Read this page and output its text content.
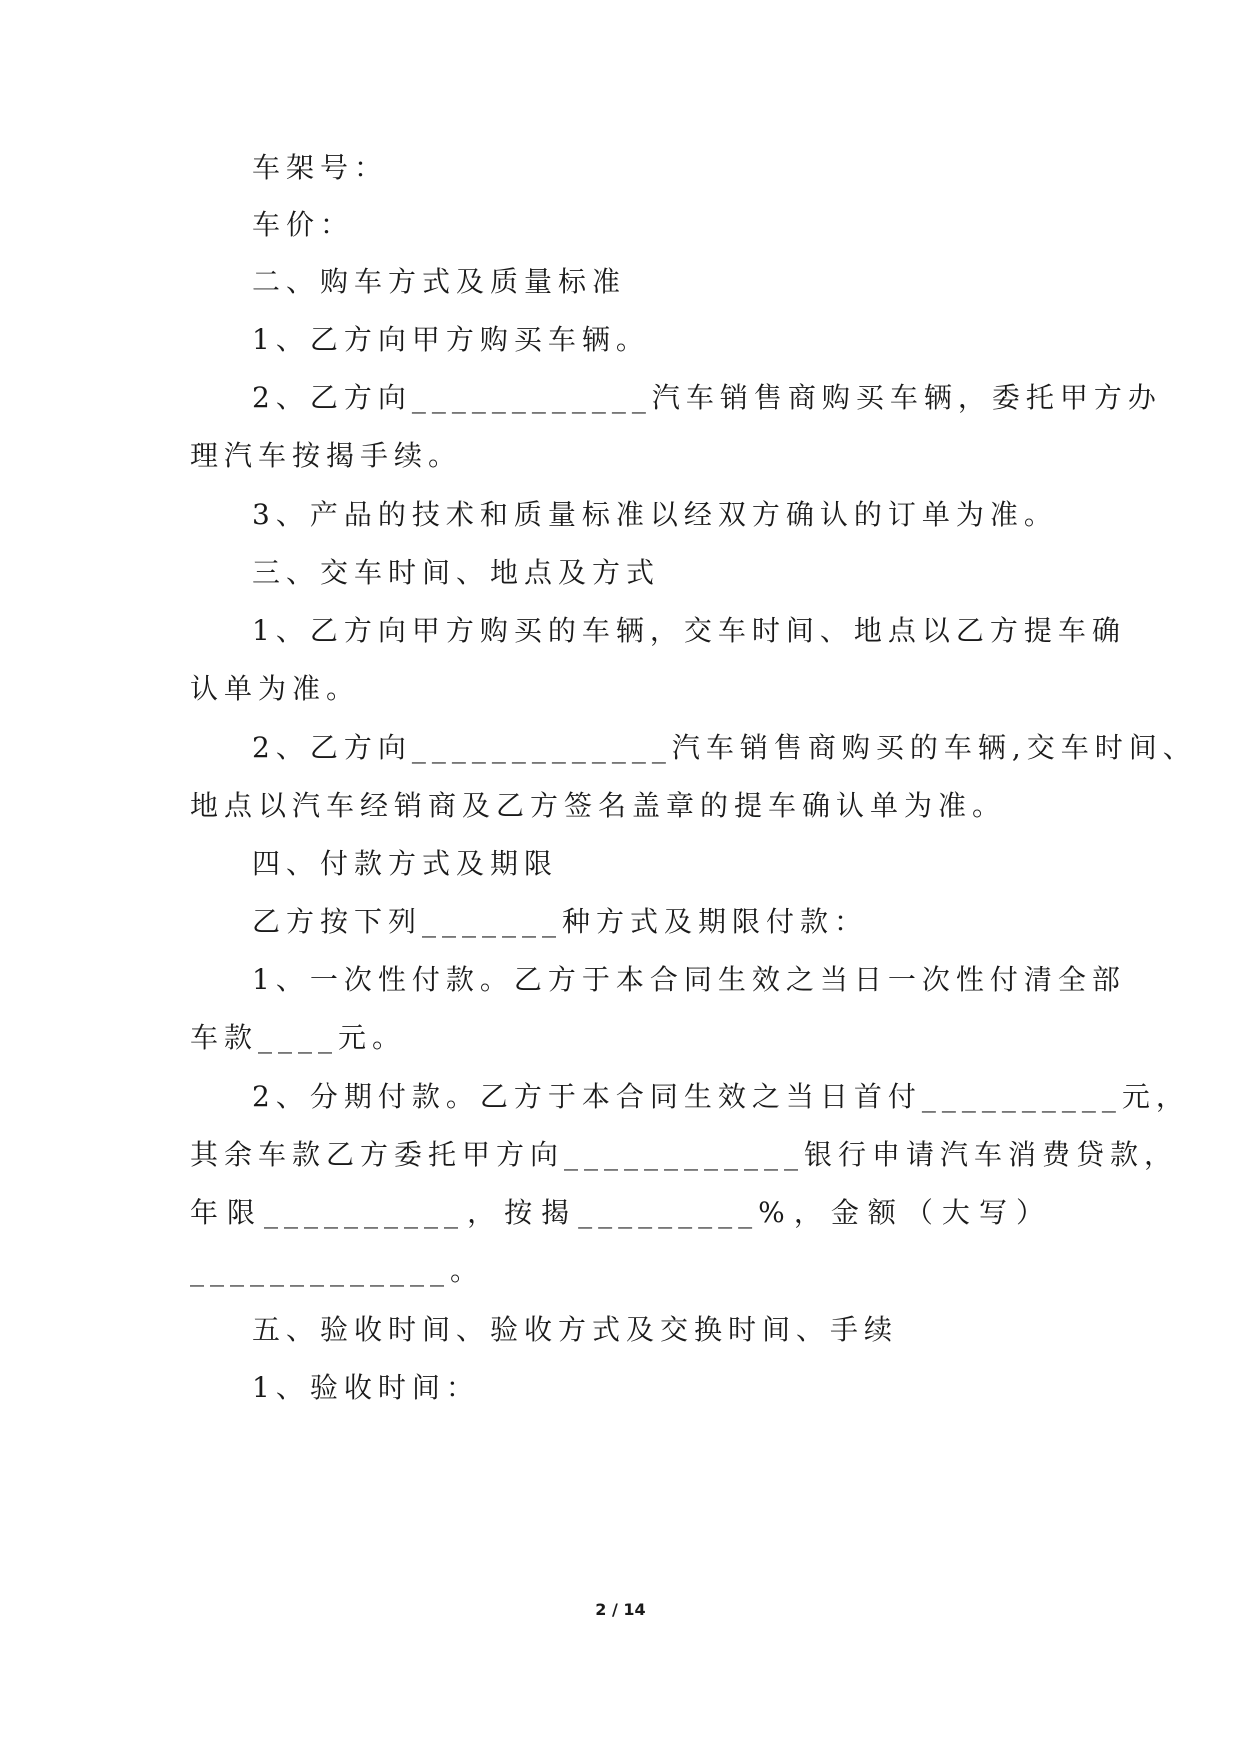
车架号：
车价：
二、购车方式及质量标准
1、乙方向甲方购买车辆。
2、乙方向____________汽车销售商购买车辆，委托甲方办
理汽车按揭手续。
3、产品的技术和质量标准以经双方确认的订单为准。
三、交车时间、地点及方式
1、乙方向甲方购买的车辆，交车时间、地点以乙方提车确
认单为准。
2、乙方向_____________汽车销售商购买的车辆,交车时间、
地点以汽车经销商及乙方签名盖章的提车确认单为准。
四、付款方式及期限
乙方按下列_______种方式及期限付款：
1、一次性付款。乙方于本合同生效之当日一次性付清全部
车款____元。
2、分期付款。乙方于本合同生效之当日首付__________元，
其余车款乙方委托甲方向____________银行申请汽车消费贷款，
年限__________，按揭_________%，金额（大写）
_____________。
五、验收时间、验收方式及交换时间、手续
1、验收时间：
2 / 14
